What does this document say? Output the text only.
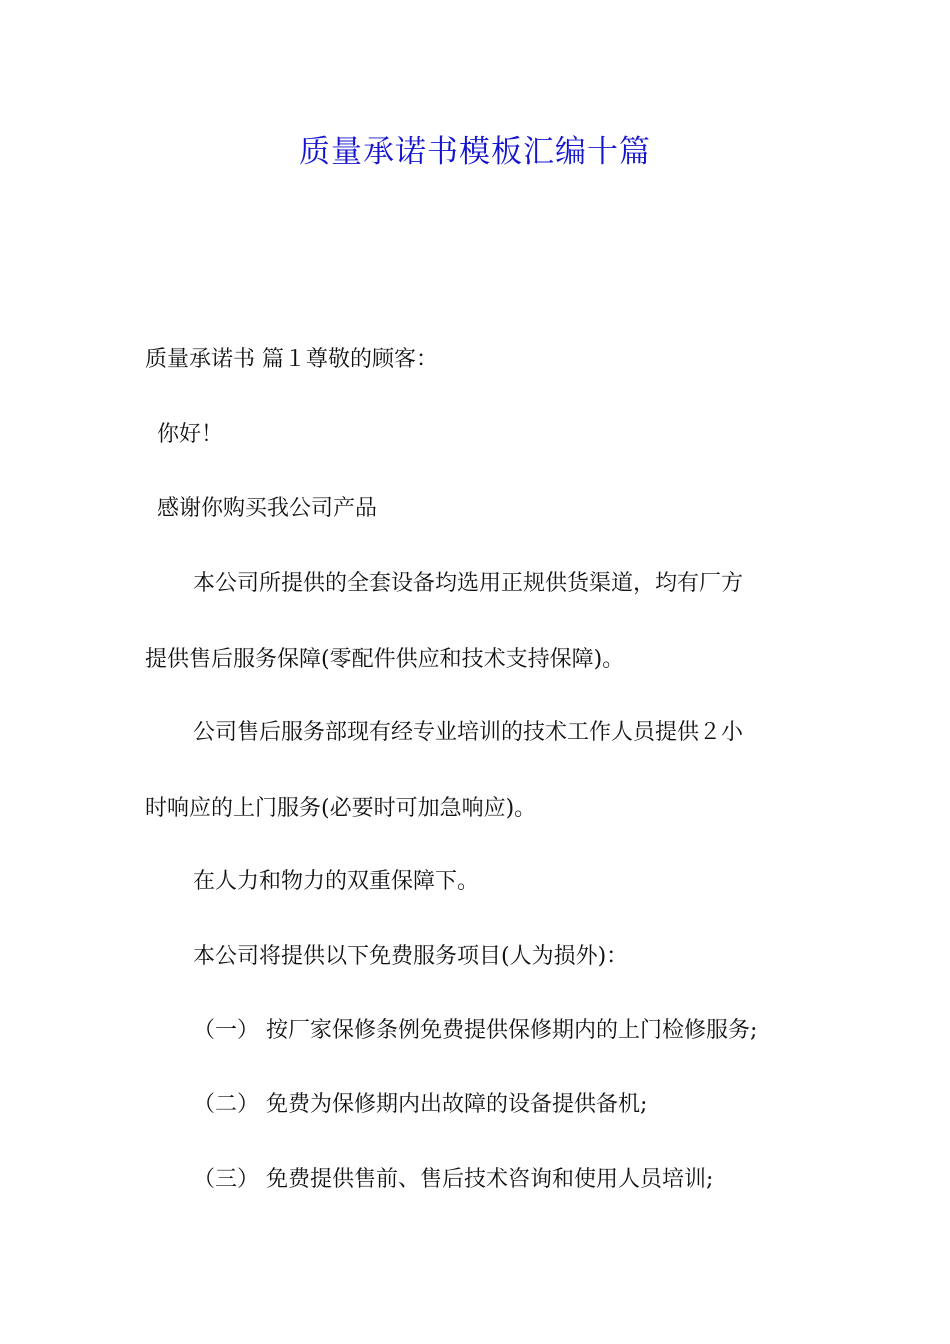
质量承诺书模板汇编十篇

质量承诺书 篇１尊敬的顾客：

你好！

感谢你购买我公司产品

本公司所提供的全套设备均选用正规供货渠道，均有厂方

提供售后服务保障(零配件供应和技术支持保障)。

公司售后服务部现有经专业培训的技术工作人员提供２小

时响应的上门服务(必要时可加急响应)。

在人力和物力的双重保障下。

本公司将提供以下免费服务项目(人为损外)：

（一） 按厂家保修条例免费提供保修期内的上门检修服务;

（二） 免费为保修期内出故障的设备提供备机;

（三） 免费提供售前、售后技术咨询和使用人员培训;
